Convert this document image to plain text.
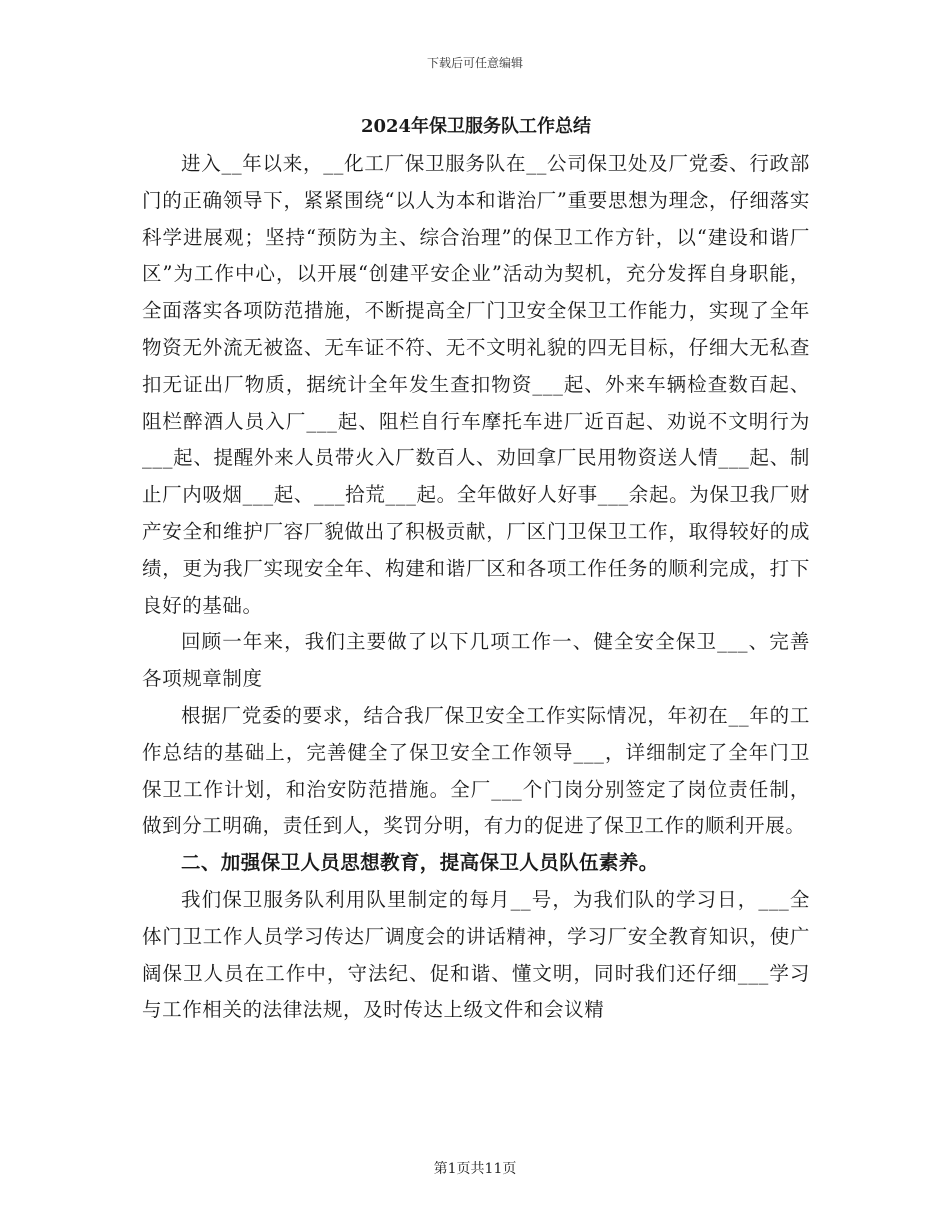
下载后可任意编辑
2024年保卫服务队工作总结

进入__年以来，__化工厂保卫服务队在__公司保卫处及厂党委、行政部门的正确领导下，紧紧围绕“以人为本和谐治厂”重要思想为理念，仔细落实科学进展观；坚持“预防为主、综合治理”的保卫工作方针，以“建设和谐厂区”为工作中心，以开展“创建平安企业”活动为契机，充分发挥自身职能，全面落实各项防范措施，不断提高全厂门卫安全保卫工作能力，实现了全年物资无外流无被盗、无车证不符、无不文明礼貌的四无目标，仔细大无私查扣无证出厂物质，据统计全年发生查扣物资___起、外来车辆检查数百起、阻栏醉酒人员入厂___起、阻栏自行车摩托车进厂近百起、劝说不文明行为___起、提醒外来人员带火入厂数百人、劝回拿厂民用物资送人情___起、制止厂内吸烟___起、___拾荒___起。全年做好人好事___余起。为保卫我厂财产安全和维护厂容厂貌做出了积极贡献，厂区门卫保卫工作，取得较好的成绩，更为我厂实现安全年、构建和谐厂区和各项工作任务的顺利完成，打下良好的基础。

回顾一年来，我们主要做了以下几项工作一、健全安全保卫___、完善各项规章制度

根据厂党委的要求，结合我厂保卫安全工作实际情况，年初在__年的工作总结的基础上，完善健全了保卫安全工作领导___，详细制定了全年门卫保卫工作计划，和治安防范措施。全厂___个门岗分别签定了岗位责任制，做到分工明确，责任到人，奖罚分明，有力的促进了保卫工作的顺利开展。

二、加强保卫人员思想教育，提高保卫人员队伍素养。

我们保卫服务队利用队里制定的每月__号，为我们队的学习日，___全体门卫工作人员学习传达厂调度会的讲话精神，学习厂安全教育知识，使广阔保卫人员在工作中，守法纪、促和谐、懂文明，同时我们还仔细___学习与工作相关的法律法规，及时传达上级文件和会议精

第1页共11页
